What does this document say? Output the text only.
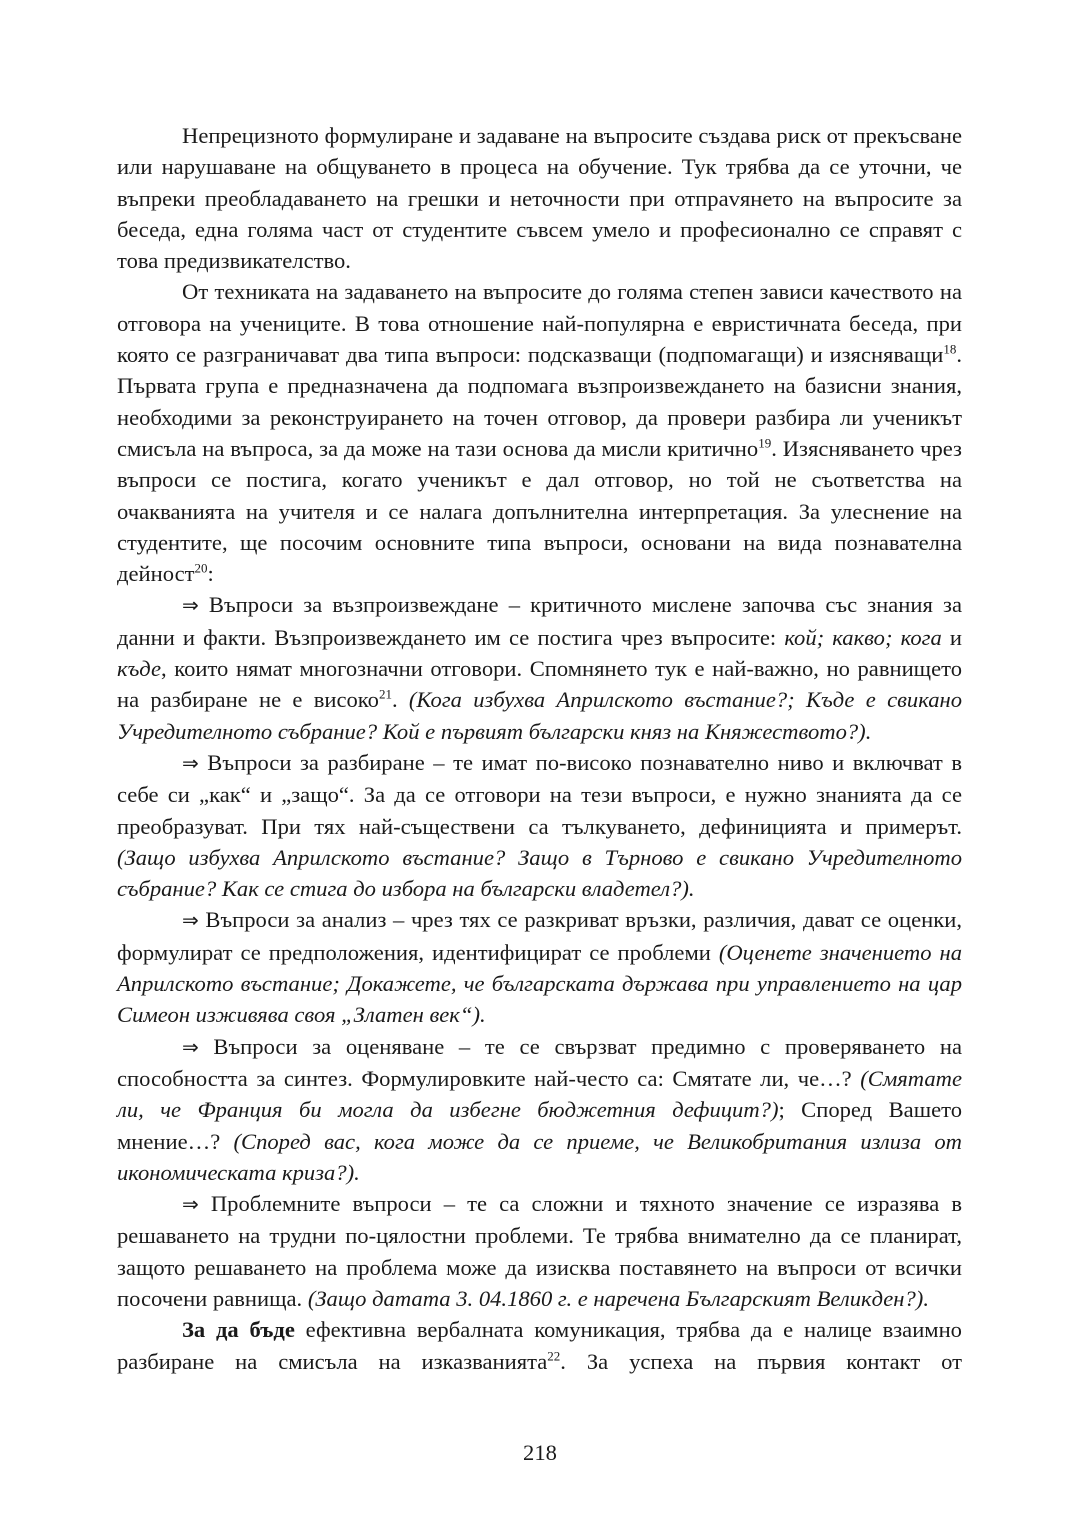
Непрецизното формулиране и задаване на въпросите създава риск от прекъсване или нарушаване на общуването в процеса на обучение. Тук трябва да се уточни, че въпреки преобладаването на грешки и неточности при отпраvянето на въпросите за беседа, една голяма част от студентите съвсем умело и професионално се справят с това предизвикателство.

От техниката на задаването на въпросите до голяма степен зависи качеството на отговора на учениците. В това отношение най-популярна е евристичната беседа, при която се разграничават два типа въпроси: подсказващи (подпомагащи) и изясняващи$^{18}$. Първата група е предназначена да подпомага възпроизвеждането на базисни знания, необходими за реконструирането на точен отговор, да провери разбира ли ученикът смисъла на въпроса, за да може на тази основа да мисли критично$^{19}$. Изясняването чрез въпроси се постига, когато ученикът е дал отговор, но той не съответства на очакванията на учителя и се налага допълнителна интерпретация. За улеснение на студентите, ще посочим основните типа въпроси, основани на вида познавателна дейност$^{20}$:

⇒ Въпроси за възпроизвеждане – критичното мислене започва със знания за данни и факти. Възпроизвеждането им се постига чрез въпросите: кой; какво; кога и къде, които нямат многозначни отговори. Спомнянето тук е най-важно, но равнището на разбиране не е високо$^{21}$. (Кога избухва Априлското въстание?; Къде е свикано Учредителното събрание? Кой е първият български княз на Княжеството?).

⇒ Въпроси за разбиране – те имат по-високо познавателно ниво и включват в себе си „как“ и „защо“. За да се отговори на тези въпроси, е нужно знанията да се преобразуват. При тях най-съществени са тълкуването, дефиницията и примерът. (Защо избухва Априлското въстание? Защо в Търново е свикано Учредителното събрание? Как се стига до избора на български владетел?).

⇒ Въпроси за анализ – чрез тях се разкриват връзки, различия, дават се оценки, формулират се предположения, идентифицират се проблеми (Оценете значението на Априлското въстание; Докажете, че българската държава при управлението на цар Симеон изживява своя „Златен век“).

⇒ Въпроси за оценяване – те се свързват предимно с проверяването на способността за синтез. Формулировките най-често са: Смятате ли, че…? (Смятате ли, че Франция би могла да избегне бюджетния дефицит?); Според Вашето мнение…? (Според вас, кога може да се приеме, че Великобритания излиза от икономическата криза?).

⇒ Проблемните въпроси – те са сложни и тяхното значение се изразява в решаването на трудни по-цялостни проблеми. Те трябва внимателно да се планират, защото решаването на проблема може да изисква поставянето на въпроси от всички посочени равнища. (Защо датата 3. 04.1860 г. е наречена Българският Великден?).

За да бъде ефективна вербалната комуникация, трябва да е налице взаимно разбиране на смисъла на изказванията$^{22}$. За успеха на първия контакт от

218
